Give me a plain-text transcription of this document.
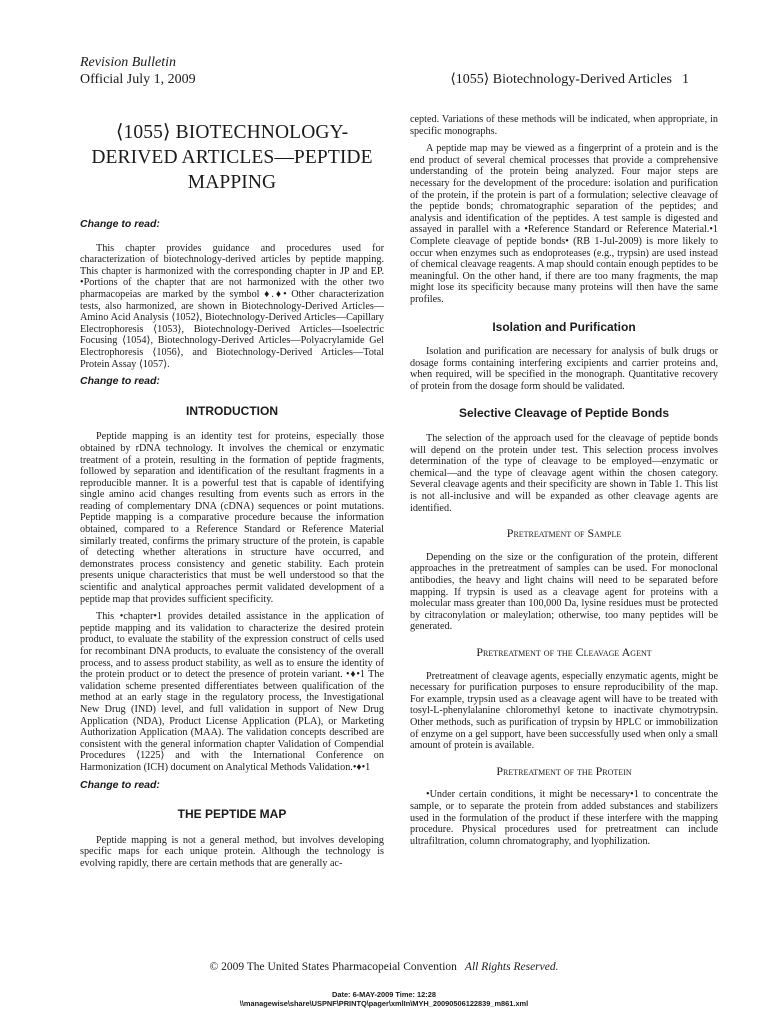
Revision Bulletin
Official July 1, 2009	⟨1055⟩ Biotechnology-Derived Articles 1
⟨1055⟩ BIOTECHNOLOGY-DERIVED ARTICLES—PEPTIDE MAPPING
Change to read:

This chapter provides guidance and procedures used for characterization of biotechnology-derived articles by peptide mapping. This chapter is harmonized with the corresponding chapter in JP and EP. •Portions of the chapter that are not harmonized with the other two pharmacopeias are marked by the symbol ♦.♦• Other characterization tests, also harmonized, are shown in Biotechnology-Derived Articles—Amino Acid Analysis ⟨1052⟩, Biotechnology-Derived Articles—Capillary Electrophoresis ⟨1053⟩, Biotechnology-Derived Articles—Isoelectric Focusing ⟨1054⟩, Biotechnology-Derived Articles—Polyacrylamide Gel Electrophoresis ⟨1056⟩, and Biotechnology-Derived Articles—Total Protein Assay ⟨1057⟩.

Change to read:
INTRODUCTION

Peptide mapping is an identity test for proteins, especially those obtained by rDNA technology. It involves the chemical or enzymatic treatment of a protein, resulting in the formation of peptide fragments, followed by separation and identification of the resultant fragments in a reproducible manner. It is a powerful test that is capable of identifying single amino acid changes resulting from events such as errors in the reading of complementary DNA (cDNA) sequences or point mutations. Peptide mapping is a comparative procedure because the information obtained, compared to a Reference Standard or Reference Material similarly treated, confirms the primary structure of the protein, is capable of detecting whether alterations in structure have occurred, and demonstrates process consistency and genetic stability. Each protein presents unique characteristics that must be well understood so that the scientific and analytical approaches permit validated development of a peptide map that provides sufficient specificity.

This •chapter•1 provides detailed assistance in the application of peptide mapping and its validation to characterize the desired protein product, to evaluate the stability of the expression construct of cells used for recombinant DNA products, to evaluate the consistency of the overall process, and to assess product stability, as well as to ensure the identity of the protein product or to detect the presence of protein variant. •♦•1 The validation scheme presented differentiates between qualification of the method at an early stage in the regulatory process, the Investigational New Drug (IND) level, and full validation in support of New Drug Application (NDA), Product License Application (PLA), or Marketing Authorization Application (MAA). The validation concepts described are consistent with the general information chapter Validation of Compendial Procedures ⟨1225⟩ and with the International Conference on Harmonization (ICH) document on Analytical Methods Validation.•♦•1

Change to read:
THE PEPTIDE MAP

Peptide mapping is not a general method, but involves developing specific maps for each unique protein. Although the technology is evolving rapidly, there are certain methods that are generally ac-

cepted. Variations of these methods will be indicated, when appropriate, in specific monographs.

A peptide map may be viewed as a fingerprint of a protein and is the end product of several chemical processes that provide a comprehensive understanding of the protein being analyzed. Four major steps are necessary for the development of the procedure: isolation and purification of the protein, if the protein is part of a formulation; selective cleavage of the peptide bonds; chromatographic separation of the peptides; and analysis and identification of the peptides. A test sample is digested and assayed in parallel with a •Reference Standard or Reference Material.•1 Complete cleavage of peptide bonds• (RB 1-Jul-2009) is more likely to occur when enzymes such as endoproteases (e.g., trypsin) are used instead of chemical cleavage reagents. A map should contain enough peptides to be meaningful. On the other hand, if there are too many fragments, the map might lose its specificity because many proteins will then have the same profiles.

Isolation and Purification

Isolation and purification are necessary for analysis of bulk drugs or dosage forms containing interfering excipients and carrier proteins and, when required, will be specified in the monograph. Quantitative recovery of protein from the dosage form should be validated.

Selective Cleavage of Peptide Bonds

The selection of the approach used for the cleavage of peptide bonds will depend on the protein under test. This selection process involves determination of the type of cleavage to be employed—enzymatic or chemical—and the type of cleavage agent within the chosen category. Several cleavage agents and their specificity are shown in Table 1. This list is not all-inclusive and will be expanded as other cleavage agents are identified.

Pretreatment of Sample

Depending on the size or the configuration of the protein, different approaches in the pretreatment of samples can be used. For monoclonal antibodies, the heavy and light chains will need to be separated before mapping. If trypsin is used as a cleavage agent for proteins with a molecular mass greater than 100,000 Da, lysine residues must be protected by citraconylation or maleylation; otherwise, too many peptides will be generated.

Pretreatment of the Cleavage Agent

Pretreatment of cleavage agents, especially enzymatic agents, might be necessary for purification purposes to ensure reproducibility of the map. For example, trypsin used as a cleavage agent will have to be treated with tosyl-L-phenylalanine chloromethyl ketone to inactivate chymotrypsin. Other methods, such as purification of trypsin by HPLC or immobilization of enzyme on a gel support, have been successfully used when only a small amount of protein is available.

Pretreatment of the Protein

•Under certain conditions, it might be necessary•1 to concentrate the sample, or to separate the protein from added substances and stabilizers used in the formulation of the product if these interfere with the mapping procedure. Physical procedures used for pretreatment can include ultrafiltration, column chromatography, and lyophilization.

© 2009 The United States Pharmacopeial Convention All Rights Reserved.
Date: 6-MAY-2009 Time: 12:28
\\managewise\share\USPNF\PRINTQ\pager\xmlIn\MYH_20090506122839_m861.xml
